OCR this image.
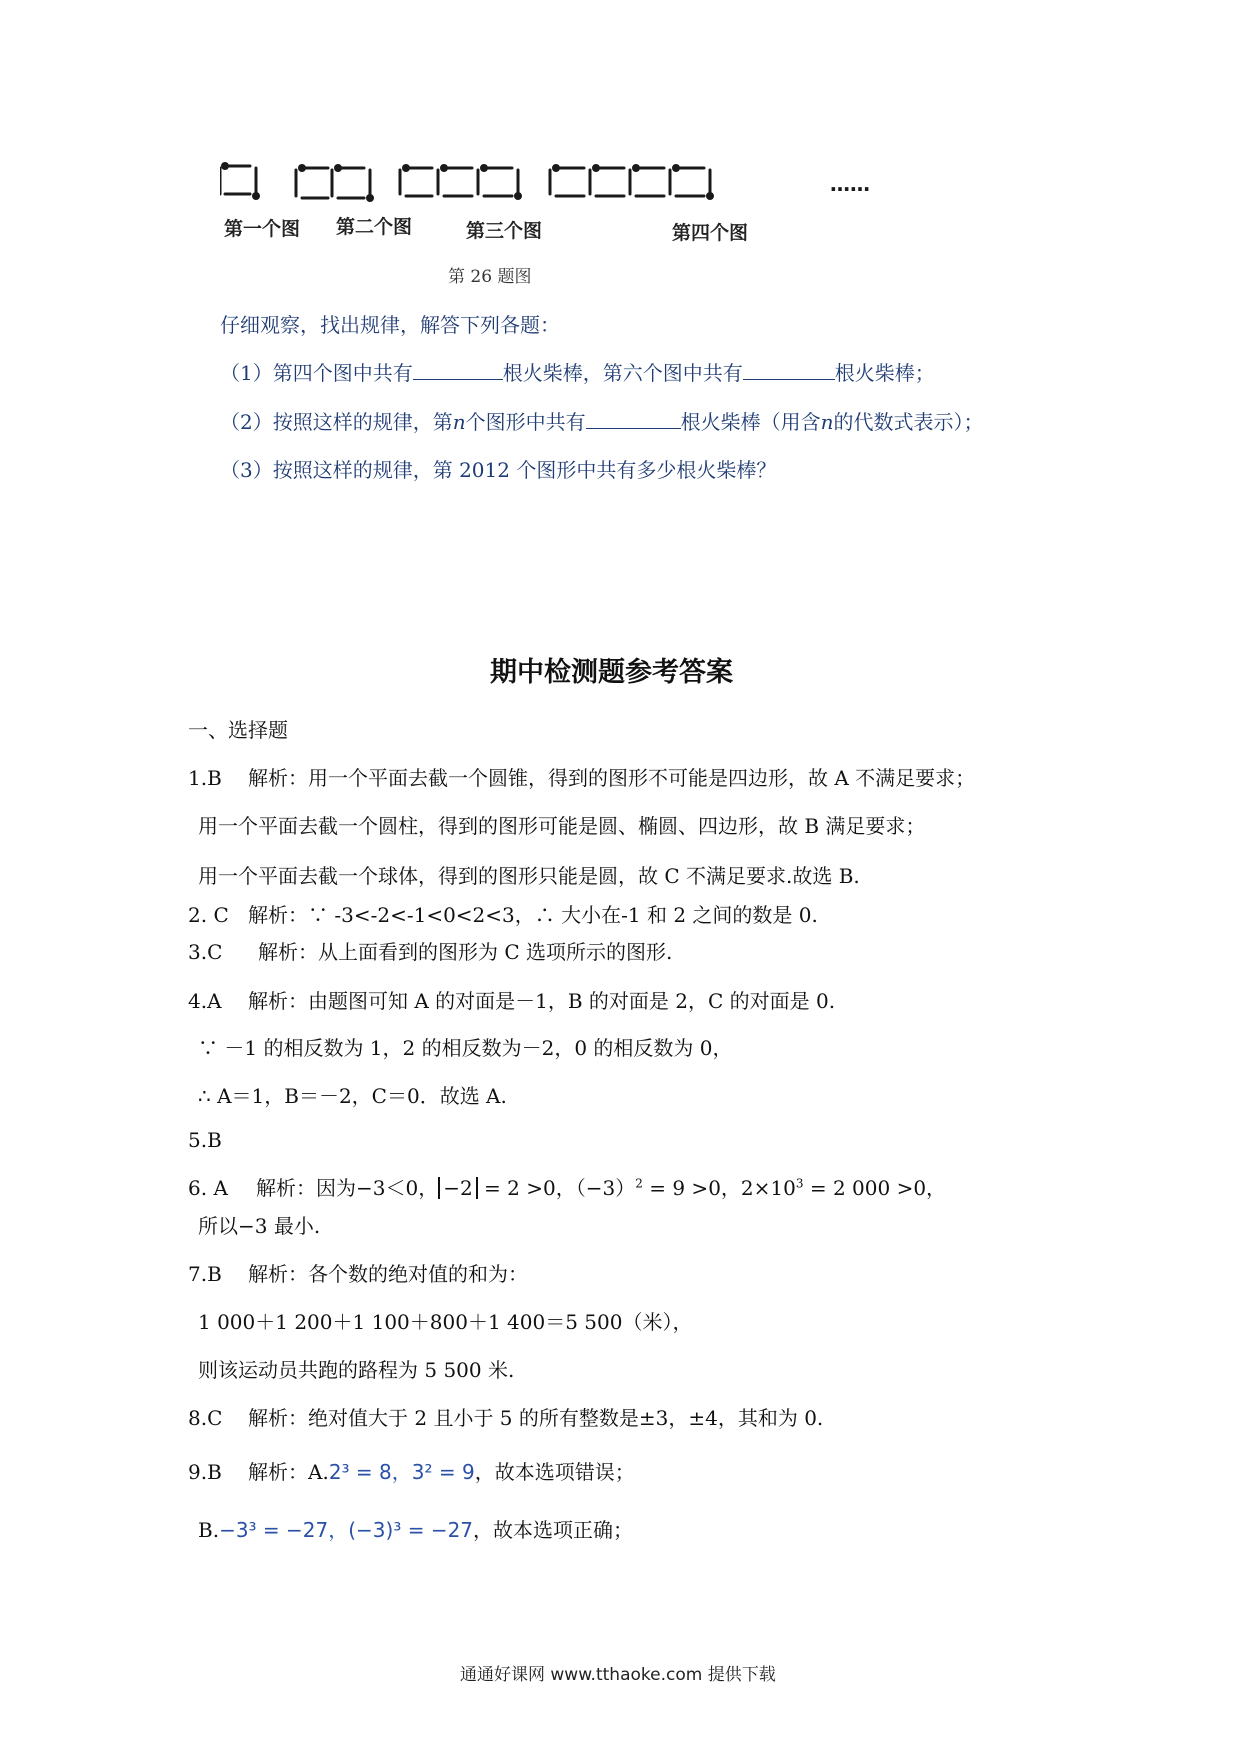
……
第一个图 第二个图	第三个图	第四个图
第 26 题图
仔细观察，找出规律，解答下列各题：
（1）第四个图中共有	根火柴棒，第六个图中共有	根火柴棒；
（2）按照这样的规律，第n个图形中共有	根火柴棒（用含n的代数式表示）；
（3）按照这样的规律，第 2012 个图形中共有多少根火柴棒？
期中检测题参考答案
一、选择题
1.B 解析：用一个平面去截一个圆锥，得到的图形不可能是四边形，故 A 不满足要求；
用一个平面去截一个圆柱，得到的图形可能是圆、椭圆、四边形，故 B 满足要求；
用一个平面去截一个球体，得到的图形只能是圆，故 C 不满足要求.故选 B.
2. C 解析：∵ -3<-2<-1<0<2<3，∴ 大小在-1 和 2 之间的数是 0.
3.C 解析：从上面看到的图形为 C 选项所示的图形.
4.A 解析：由题图可知 A 的对面是－1，B 的对面是 2，C 的对面是 0.
∵ －1 的相反数为 1，2 的相反数为－2，0 的相反数为 0，
∴ A＝1，B＝－2，C＝0．故选 A.
5.B
6. A 解析：因为−3＜0， −2 = 2 >0，$(-3)^2 = 9 >0$，$2\times 10^3 = 2$ 000 >0，
所以−3 最小.
7.B 解析：各个数的绝对值的和为：
1 000＋1 200＋1 100＋800＋1 400＝5 500（米），
则该运动员共跑的路程为 5 500 米.
8.C 解析：绝对值大于 2 且小于 5 的所有整数是±3，±4，其和为 0.
9.B 解析：A.2³ = 8，3² = 9，故本选项错误；
B.−3³ = −27，(−3)³ = −27，故本选项正确；
通通好课网 www.tthaoke.com 提供下载
